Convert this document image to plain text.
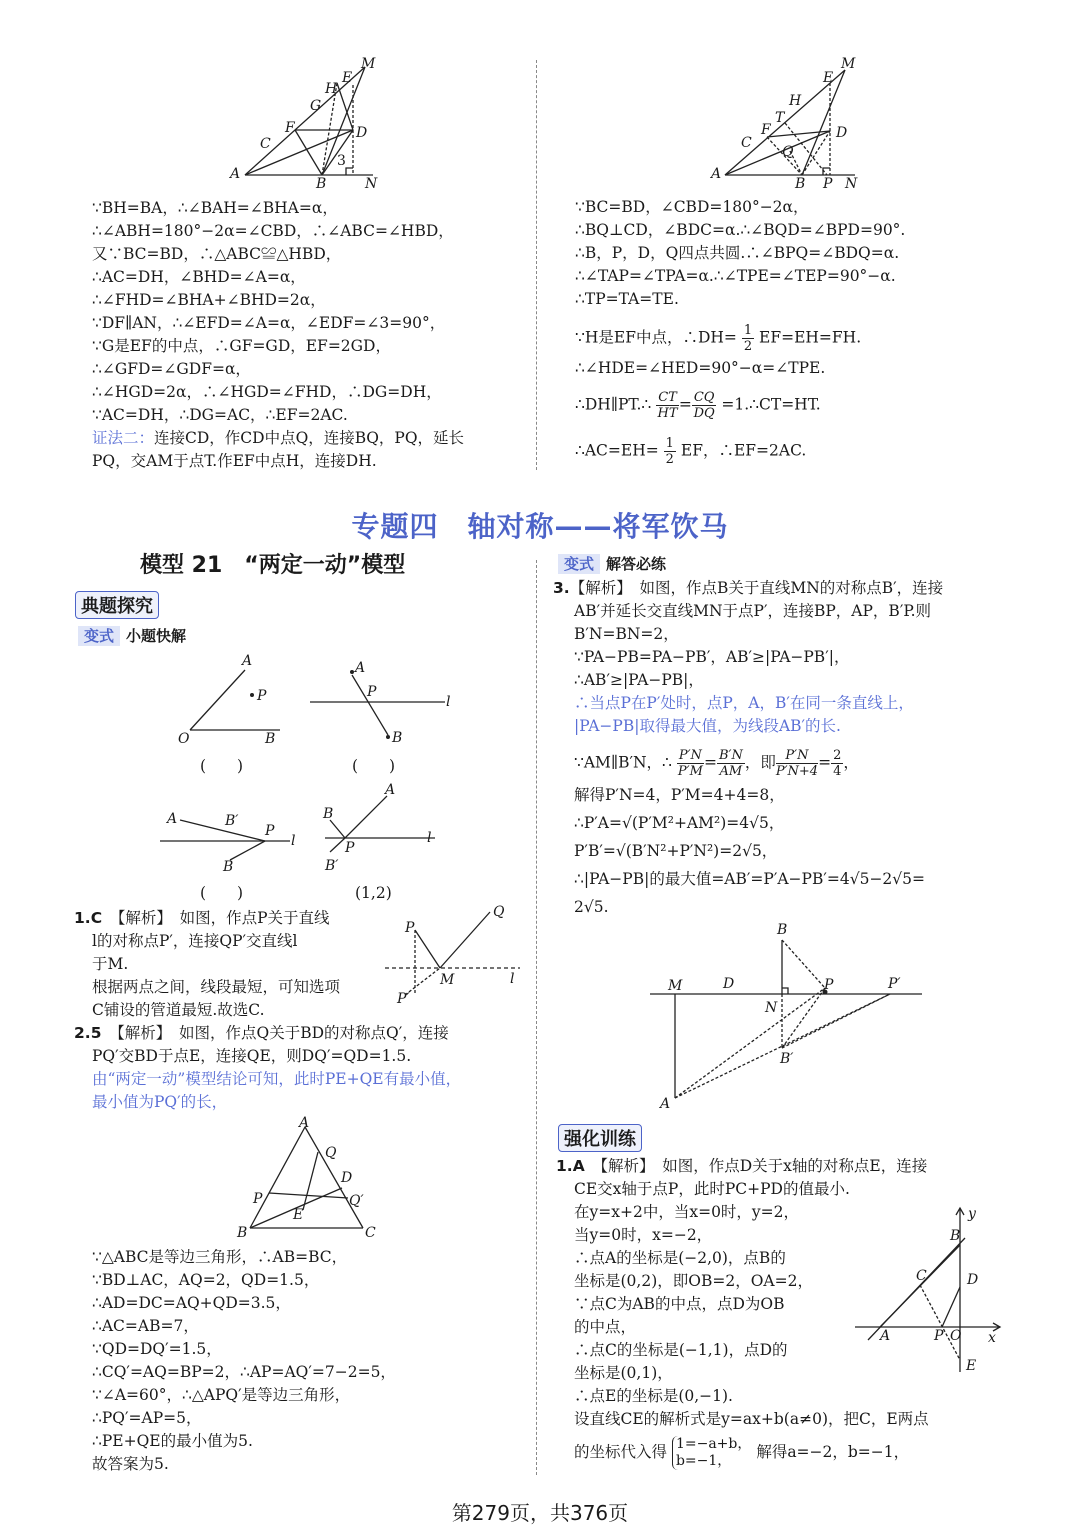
M
H
E
G
F	D
C
3
A
B	N
∵BH=BA，∴∠BAH=∠BHA=α，
∴∠ABH=180°−2α=∠CBD，∴∠ABC=∠HBD，
又∵BC=BD，∴△ABC≌△HBD，
∴AC=DH，∠BHD=∠A=α，
∴∠FHD=∠BHA+∠BHD=2α，
∵DF∥AN，∴∠EFD=∠A=α，∠EDF=∠3=90°，
∵G是EF的中点，∴GF=GD，EF=2GD，
∴∠GFD=∠GDF=α，
∴∠HGD=2α，∴∠HGD=∠FHD，∴DG=DH，
∵AC=DH，∴DG=AC，∴EF=2AC.
证法二：连接CD，作CD中点Q，连接BQ，PQ，延长
PQ，交AM于点T.作EF中点H，连接DH.
M
E
H
F
T
D
C
Q
A
B P N
∵BC=BD，∠CBD=180°−2α，
∴BQ⊥CD，∠BDC=α.∴∠BQD=∠BPD=90°.
∴B，P，D，Q四点共圆.∴∠BPQ=∠BDQ=α.
∴∠TAP=∠TPA=α.∴∠TPE=∠TEP=90°−α.
∴TP=TA=TE.
∵H是EF中点，∴DH= $\frac{1}{2} EF=EH=FH$.
∴∠HDE=∠HED=90°−α=∠TPE.
∴DH∥PT.∴ $\frac{CT}{HT} = \frac{CQ}{DQ}$ =1.∴CT=HT.
∴AC=EH= $\frac{1}{2}$ EF，∴EF=2AC.
专题四　轴对称——将军饮马
模型 21　“两定一动”模型
典题探究
变式 小题快解
A
P
O	B
(　　)
A
P
l
B
(　　)
A	B′
P
l
B
(　　)
B
A
P
l
B′
(1,2)
1.C　 【解析】　如图，作点P关于直线
l的对称点P′，连接QP′交直线l
于M.
根据两点之间，线段最短，可知选项
C铺设的管道最短.故选C.
Q
P
M	l
P′
2.5　 【解析】　如图，作点Q关于BD的对称点Q′，连接
PQ′交BD于点E，连接QE，则DQ′=QD=1.5.
由“两定一动”模型结论可知，此时PE+QE有最小值，
最小值为PQ′的长，
A
Q
D
P	Q′
E
B	C
∵△ABC是等边三角形，∴AB=BC，
∵BD⊥AC，AQ=2，QD=1.5，
∴AD=DC=AQ+QD=3.5，
∴AC=AB=7，
∵QD=DQ′=1.5，
∴CQ′=AQ=BP=2，∴AP=AQ′=7−2=5，
∵∠A=60°，∴△APQ′是等边三角形，
∴PQ′=AP=5，
∴PE+QE的最小值为5.
故答案为5.
变式 解答必练
3.【解析】　如图，作点B关于直线MN的对称点B′，连接
AB′并延长交直线MN于点P′，连接BP，AP，B′P.则
B′N=BN=2，
∵PA−PB=PA−PB′，AB′≥|PA−PB′|，
∴AB′≥|PA−PB|，
∴当点P在P′处时，点P，A，B′在同一条直线上，
|PA−PB|取得最大值，为线段AB′的长.
∵AM∥B′N，∴ $\frac{P'N}{P'M} = \frac{B'N}{AM}$ ，即 $\frac{P'N}{P'N+4} = \frac{2}{4}$ ，
解得P′N=4，P′M=4+4=8，
∴P′A=√(P′M²+AM²)=4√5，
P′B′=√(B′N²+P′N²)=2√5，
∴|PA−PB|的最大值=AB′=P′A−PB′=4√5−2√5=
2√5.
B
M	D	P	P′
N
B′
A
强化训练
1.A　 【解析】　如图，作点D关于x轴的对称点E，连接
CE交x轴于点P，此时PC+PD的值最小.
在y=x+2中，当x=0时，y=2，
当y=0时，x=−2，
∴点A的坐标是(−2,0)，点B的
坐标是(0,2)，即OB=2，OA=2，
∵点C为AB的中点，点D为OB
的中点，
∴点C的坐标是(−1,1)，点D的
坐标是(0,1)，
∴点E的坐标是(0,−1).
设直线CE的解析式是y=ax+b(a≠0)，把C，E两点
的坐标代入得 1=−a+b，
b=−1，	解得a=−2，b=−1，
y
B
C	D
A	P O x
E
第279页，共376页
